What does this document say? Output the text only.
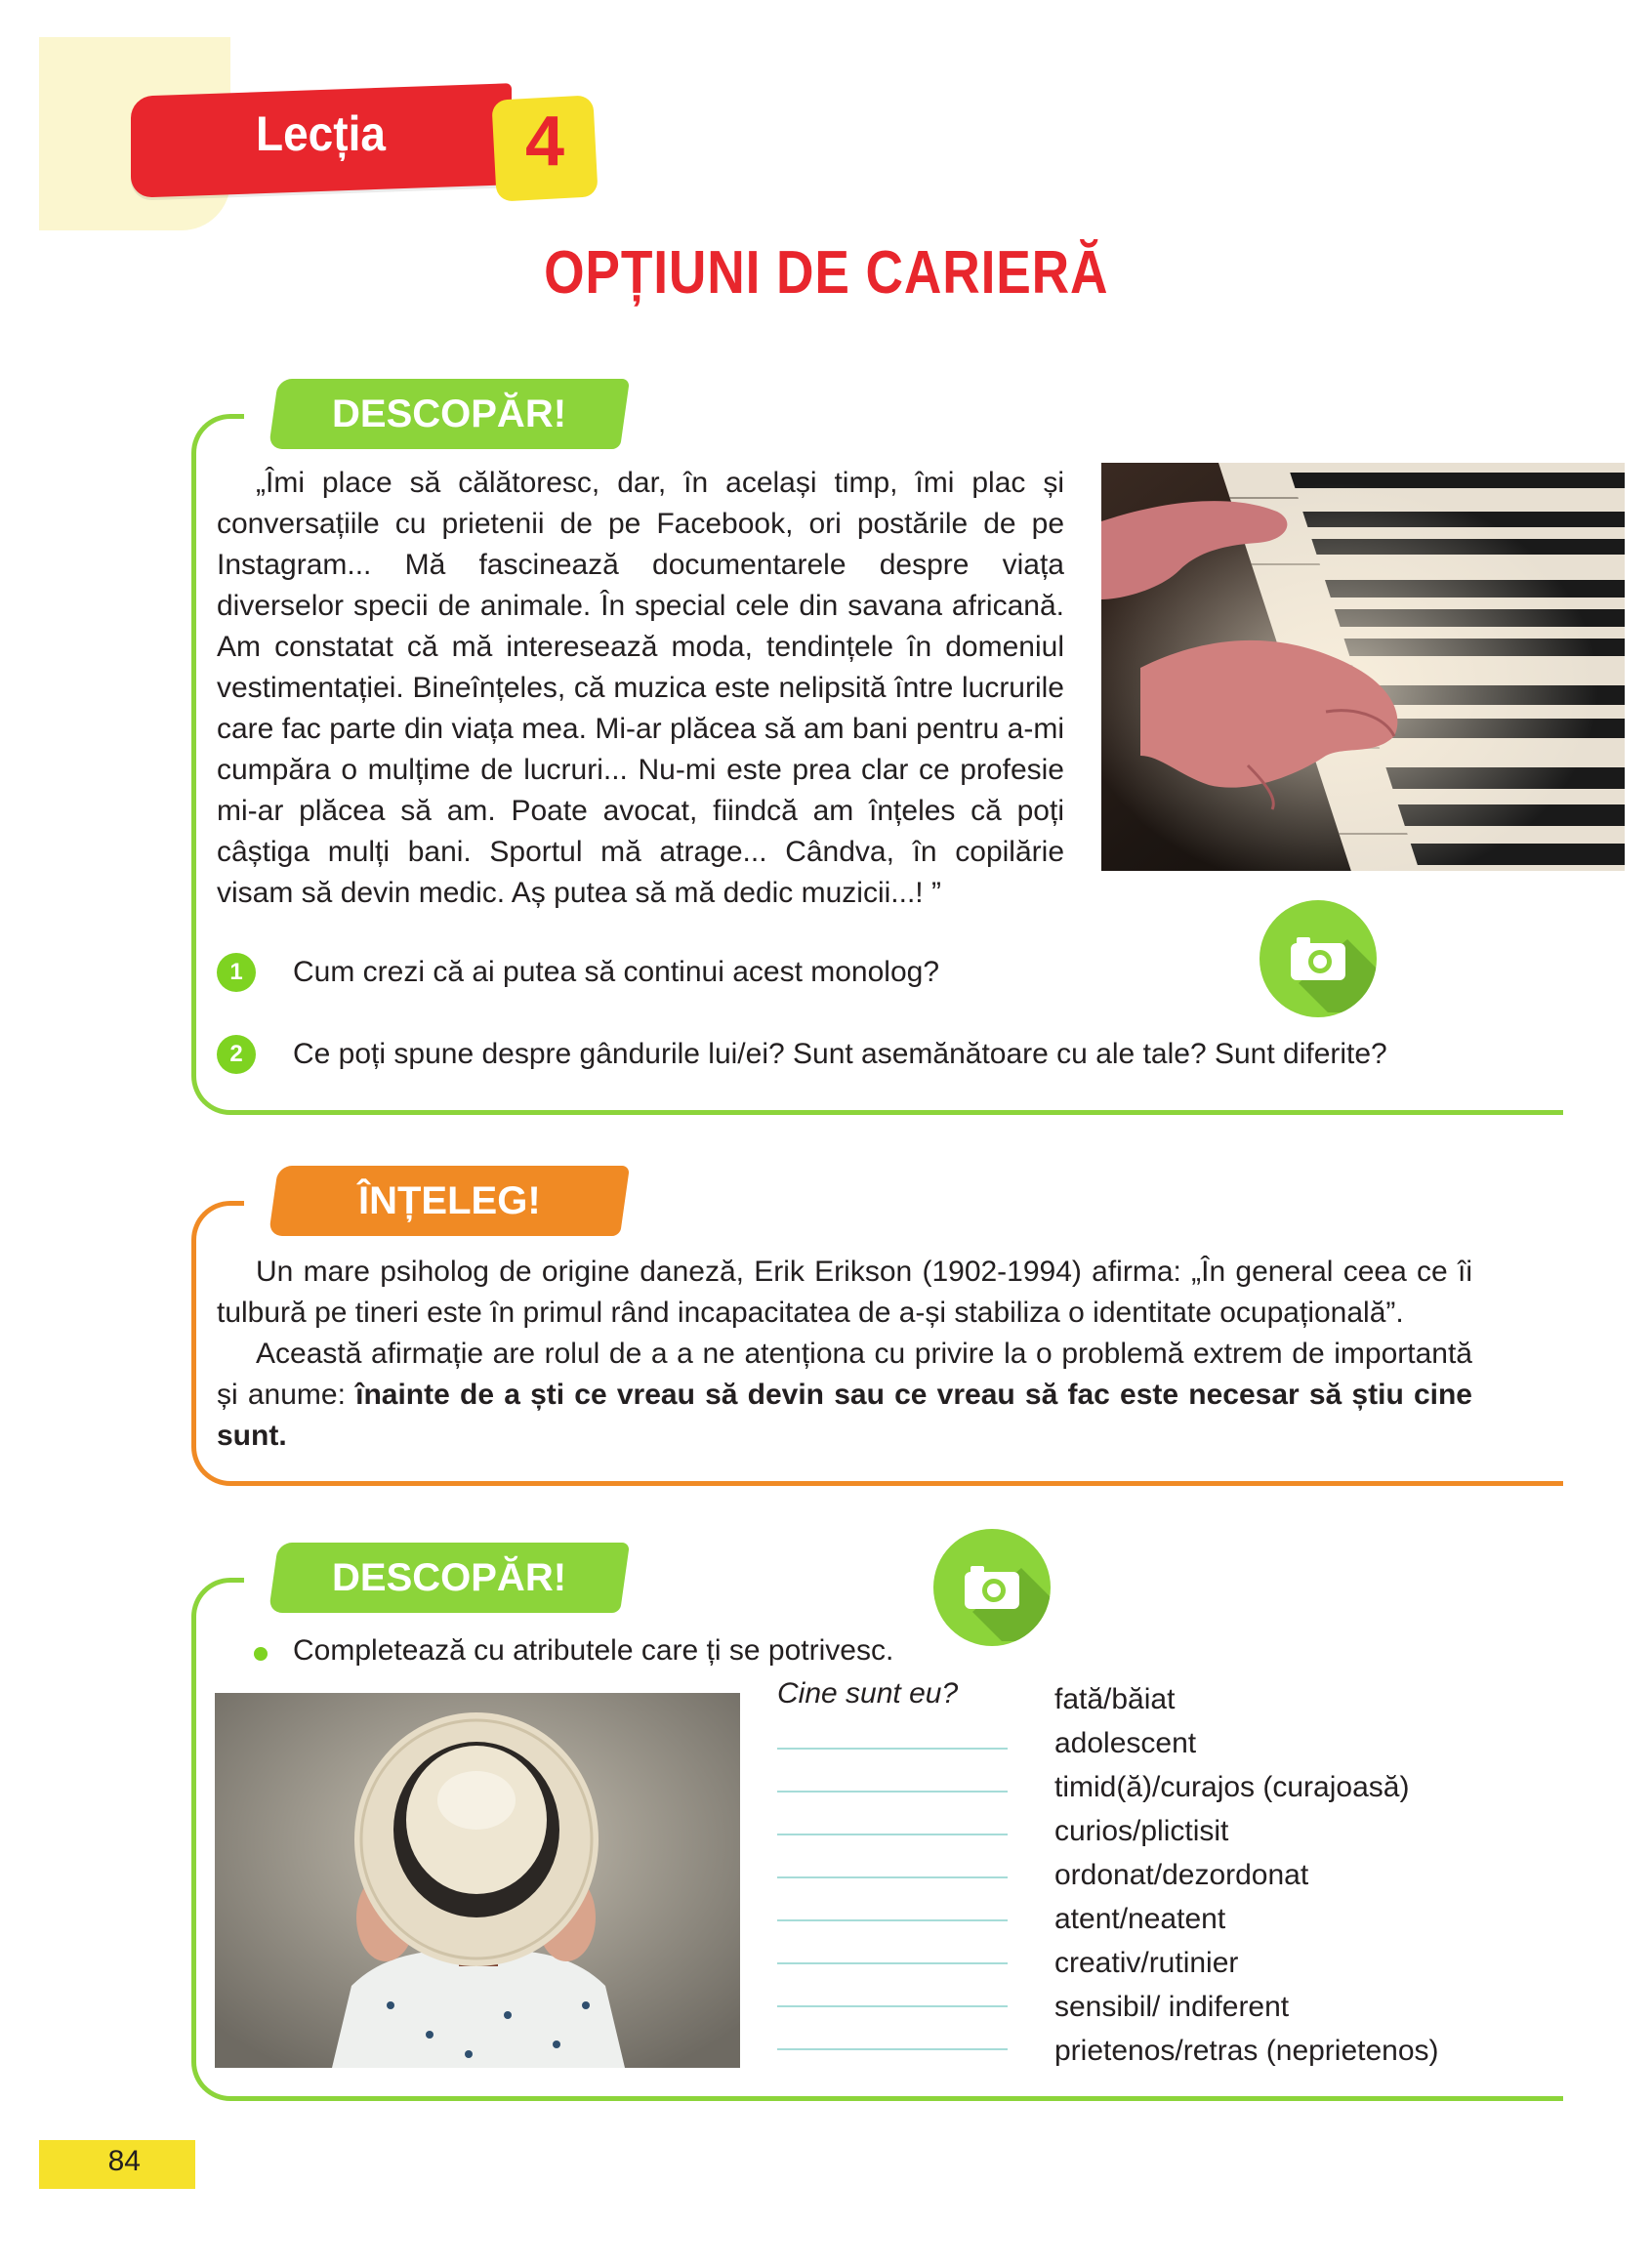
Lecția	4
OPȚIUNI DE CARIERĂ
DESCOPĂR!

„Îmi place să călătoresc, dar, în același timp, îmi plac și conversațiile cu prietenii de pe Facebook, ori postările de pe Instagram... Mă fascinează documentarele despre viața diverselor specii de animale. În special cele din savana africană. Am constatat că mă interesează moda, tendințele în domeniul vestimentației. Bineînțeles, că muzica este nelipsită între lucrurile care fac parte din viața mea. Mi-ar plăcea să am bani pentru a-mi cumpăra o mulțime de lucruri... Nu-mi este prea clar ce profesie mi-ar plăcea să am. Poate avocat, fiindcă am înțeles că poți câștiga mulți bani. Sportul mă atrage... Cândva, în copilărie visam să devin medic. Aș putea să mă dedic muzicii...! ”

1	Cum crezi că ai putea să continui acest monolog?
2	Ce poți spune despre gândurile lui/ei? Sunt asemănătoare cu ale tale? Sunt diferite?
ÎNȚELEG!

Un mare psiholog de origine daneză, Erik Erikson (1902-1994) afirma: „În general ceea ce îi tulbură pe tineri este în primul rând incapacitatea de a-și stabiliza o identitate ocupațională”.

Această afirmație are rolul de a a ne atenționa cu privire la o problemă extrem de importantă și anume: înainte de a ști ce vreau să devin sau ce vreau să fac este necesar să știu cine sunt.

DESCOPĂR!
Completează cu atributele care ți se potrivesc.
Cine sunt eu?	fată/băiat
adolescent
timid(ă)/curajos (curajoasă)
curios/plictisit
ordonat/dezordonat
atent/neatent
creativ/rutinier
sensibil/ indiferent
prietenos/retras (neprietenos)
84
